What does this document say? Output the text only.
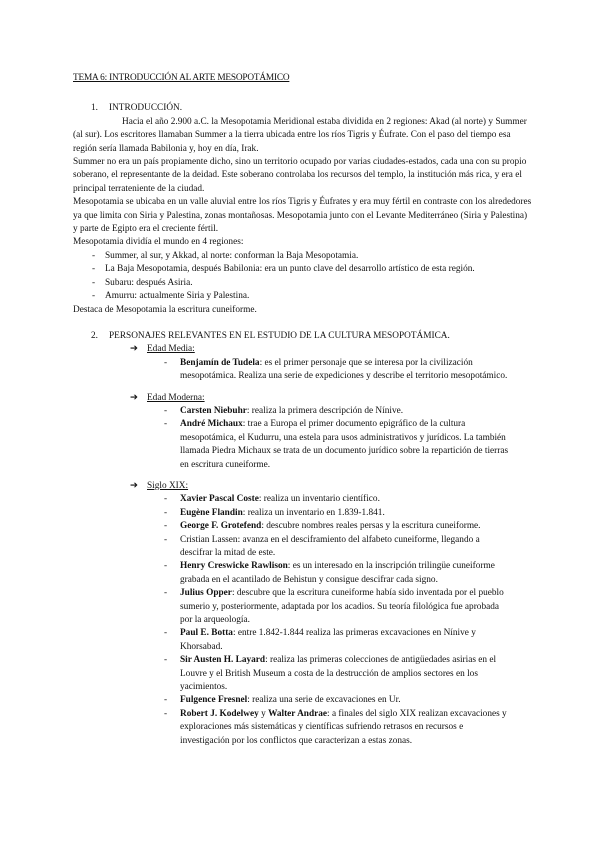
TEMA 6: INTRODUCCIÓN AL ARTE MESOPOTÁMICO

1.	INTRODUCCIÓN.

Hacia el año 2.900 a.C. la Mesopotamia Meridional estaba dividida en 2 regiones: Akad (al norte) y Summer (al sur). Los escritores llamaban Summer a la tierra ubicada entre los ríos Tigris y Éufrate. Con el paso del tiempo esa región sería llamada Babilonia y, hoy en día, Irak.

Summer no era un país propiamente dicho, sino un territorio ocupado por varias ciudades-estados, cada una con su propio soberano, el representante de la deidad. Este soberano controlaba los recursos del templo, la institución más rica, y era el principal terrateniente de la ciudad.

Mesopotamia se ubicaba en un valle aluvial entre los ríos Tigris y Éufrates y era muy fértil en contraste con los alrededores ya que limita con Siria y Palestina, zonas montañosas. Mesopotamia junto con el Levante Mediterráneo (Siria y Palestina) y parte de Egipto era el creciente fértil.

Mesopotamia dividía el mundo en 4 regiones:

-	Summer, al sur, y Akkad, al norte: conforman la Baja Mesopotamia.
-	La Baja Mesopotamia, después Babilonia: era un punto clave del desarrollo artístico de esta región.
-	Subaru: después Asiria.
-	Amurru: actualmente Siria y Palestina.

Destaca de Mesopotamia la escritura cuneiforme.

2.	PERSONAJES RELEVANTES EN EL ESTUDIO DE LA CULTURA MESOPOTÁMICA.
➔ Edad Media:
-	Benjamín de Tudela: es el primer personaje que se interesa por la civilización mesopotámica. Realiza una serie de expediciones y describe el territorio mesopotámico.
➔ Edad Moderna:
-	Carsten Niebuhr: realiza la primera descripción de Nínive.
-	André Michaux: trae a Europa el primer documento epigráfico de la cultura mesopotámica, el Kudurru, una estela para usos administrativos y jurídicos. La también llamada Piedra Michaux se trata de un documento jurídico sobre la repartición de tierras en escritura cuneiforme.
➔ Siglo XIX:
-	Xavier Pascal Coste: realiza un inventario científico.
-	Eugène Flandin: realiza un inventario en 1.839-1.841.
-	George F. Grotefend: descubre nombres reales persas y la escritura cuneiforme.
-	Cristian Lassen: avanza en el desciframiento del alfabeto cuneiforme, llegando a descifrar la mitad de este.
-	Henry Creswicke Rawlison: es un interesado en la inscripción trilingüe cuneiforme grabada en el acantilado de Behistun y consigue descifrar cada signo.
-	Julius Opper: descubre que la escritura cuneiforme había sido inventada por el pueblo sumerio y, posteriormente, adaptada por los acadios. Su teoría filológica fue aprobada por la arqueología.
-	Paul E. Botta: entre 1.842-1.844 realiza las primeras excavaciones en Nínive y Khorsabad.
-	Sir Austen H. Layard: realiza las primeras colecciones de antigüedades asirias en el Louvre y el British Museum a costa de la destrucción de amplios sectores en los yacimientos.
-	Fulgence Fresnel: realiza una serie de excavaciones en Ur.
-	Robert J. Kodelwey y Walter Andrae: a finales del siglo XIX realizan excavaciones y exploraciones más sistemáticas y científicas sufriendo retrasos en recursos e investigación por los conflictos que caracterizan a estas zonas.
